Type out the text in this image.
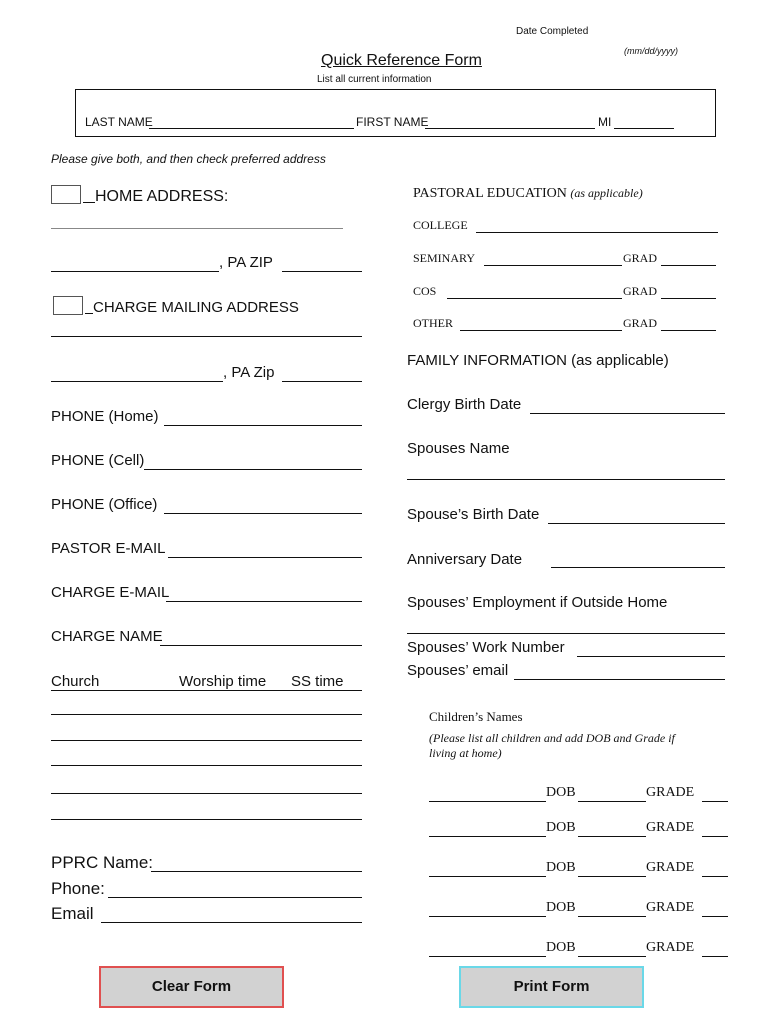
Date Completed
(mm/dd/yyyy)
Quick Reference Form
List all current information
LAST NAME	FIRST NAME	MI
Please give both, and then check preferred address
HOME ADDRESS:
, PA ZIP
CHARGE MAILING ADDRESS
, PA Zip
PHONE (Home)
PHONE (Cell)
PHONE (Office)
PASTOR E-MAIL
CHARGE E-MAIL
CHARGE NAME
Church	Worship time SS time
PPRC Name:
Phone:
Email
PASTORAL EDUCATION (as applicable)
COLLEGE
SEMINARY	GRAD
COS	GRAD
OTHER	GRAD
FAMILY INFORMATION (as applicable)
Clergy Birth Date
Spouses Name
Spouse’s Birth Date
Anniversary Date
Spouses’ Employment if Outside Home
Spouses’ Work Number
Spouses’ email
Children’s Names
(Please list all children and add DOB and Grade if
living at home)
DOB	GRADE
DOB	GRADE
DOB	GRADE
DOB	GRADE
DOB	GRADE
Clear Form	Print Form
